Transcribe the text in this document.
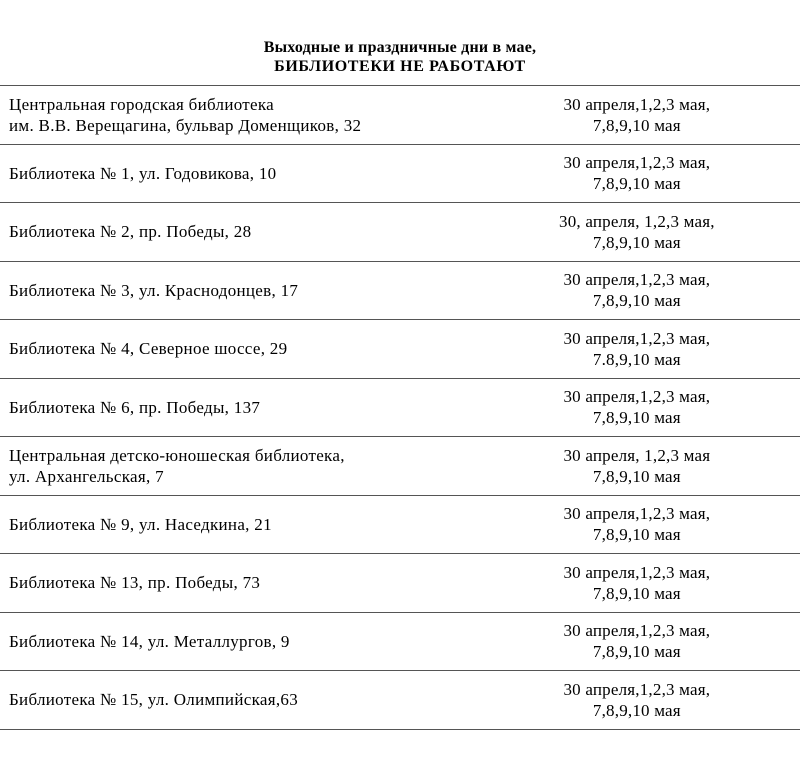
Выходные и праздничные дни в мае,
БИБЛИОТЕКИ НЕ РАБОТАЮТ
Центральная городская библиотека
им. В.В. Верещагина, бульвар Доменщиков, 32
30 апреля,1,2,3 мая,
7,8,9,10 мая
Библиотека № 1, ул. Годовикова, 10
30 апреля,1,2,3 мая,
7,8,9,10 мая
Библиотека № 2, пр. Победы, 28
30, апреля, 1,2,3 мая,
7,8,9,10 мая
Библиотека № 3, ул. Краснодонцев, 17
30 апреля,1,2,3 мая,
7,8,9,10 мая
Библиотека № 4, Северное шоссе, 29
30 апреля,1,2,3 мая,
7.8,9,10 мая
Библиотека № 6, пр. Победы, 137
30 апреля,1,2,3 мая,
7,8,9,10 мая
Центральная детско-юношеская библиотека,
ул. Архангельская, 7
30 апреля, 1,2,3 мая
7,8,9,10 мая
Библиотека № 9, ул. Наседкина, 21
30 апреля,1,2,3 мая,
7,8,9,10 мая
Библиотека № 13, пр. Победы, 73
30 апреля,1,2,3 мая,
7,8,9,10 мая
Библиотека № 14, ул. Металлургов, 9
30 апреля,1,2,3 мая,
7,8,9,10 мая
Библиотека № 15, ул. Олимпийская,63
30 апреля,1,2,3 мая,
7,8,9,10 мая
